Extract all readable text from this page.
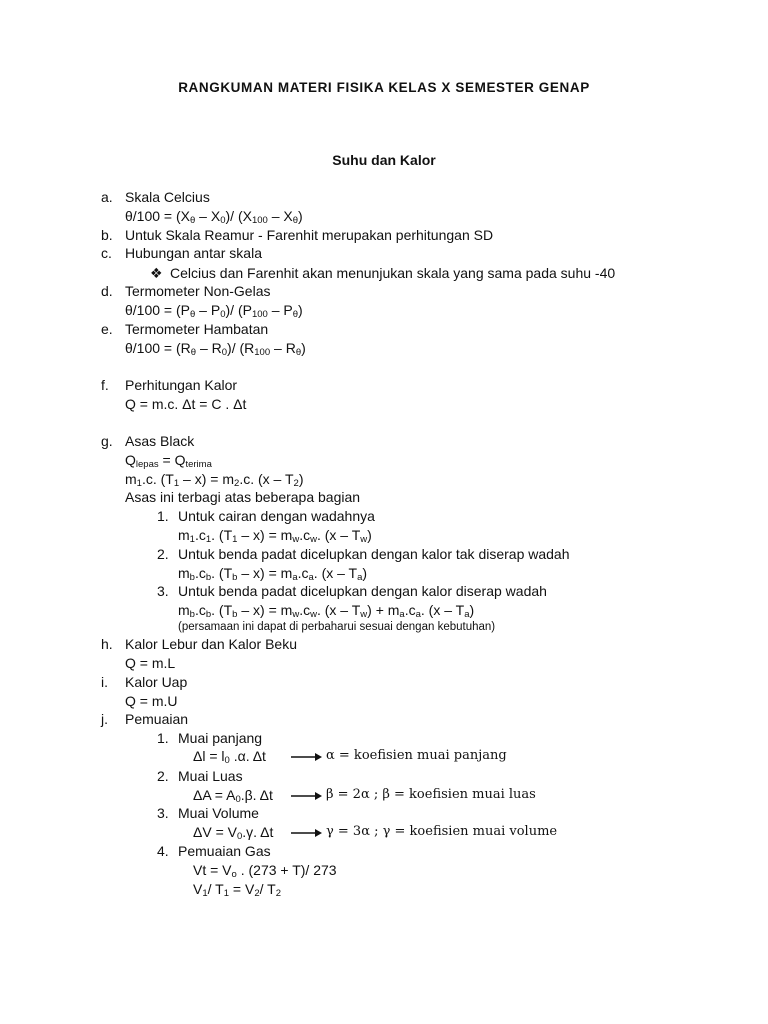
RANGKUMAN MATERI FISIKA KELAS X SEMESTER GENAP
Suhu dan Kalor
a. Skala Celcius
$\theta/100 = (X_\theta - X_0)/$ $(X_{100} - X_\theta)$
b. Untuk Skala Reamur - Farenhit merupakan perhitungan SD
c. Hubungan antar skala
❖ Celcius dan Farenhit akan menunjukan skala yang sama pada suhu -40
d. Termometer Non-Gelas
$\theta/100 = (P_\theta - P_0)/$ $(P_{100} - P_\theta)$
e. Termometer Hambatan
$\theta/100 = (R_\theta - R_0)/$ $(R_{100} - R_\theta)$
f. Perhitungan Kalor
Q = m.c. Δt = C . Δt
g. Asas Black
$Q_{lepas} = Q_{terima}$
$m_1.c$. $(T_1 - x) = m_2.c$. $(x - T_2)$
Asas ini terbagi atas beberapa bagian
1. Untuk cairan dengan wadahnya
$m_1.c_1$. $(T_1 - x) = m_w.c_w$. $(x - T_w)$
2. Untuk benda padat dicelupkan dengan kalor tak diserap wadah
$m_b.c_b$. $(T_b - x) = m_a.c_a$. $(x - T_a)$
3. Untuk benda padat dicelupkan dengan kalor diserap wadah
$m_b.c_b$. $(T_b - x) = m_w.c_w$. $(x - T_w) + m_a.c_a$. $(x - T_a)$
(persamaan ini dapat di perbaharui sesuai dengan kebutuhan)
h. Kalor Lebur dan Kalor Beku
Q = m.L
i. Kalor Uap
Q = m.U
j. Pemuaian
1. Muai panjang
$\Delta l = l_0$ .α. Δt	α = koefisien muai panjang
2. Muai Luas
$\Delta A = A_0.\beta$. Δt	β = 2α ; β = koefisien muai luas
3. Muai Volume
$\Delta V = V_0.\gamma$. Δt	γ = 3α ; γ = koefisien muai volume
4. Pemuaian Gas
$Vt = V_o$ . (273 + T)/ 273
$V_1/$ $T_1 = V_2/$ $T_2$
